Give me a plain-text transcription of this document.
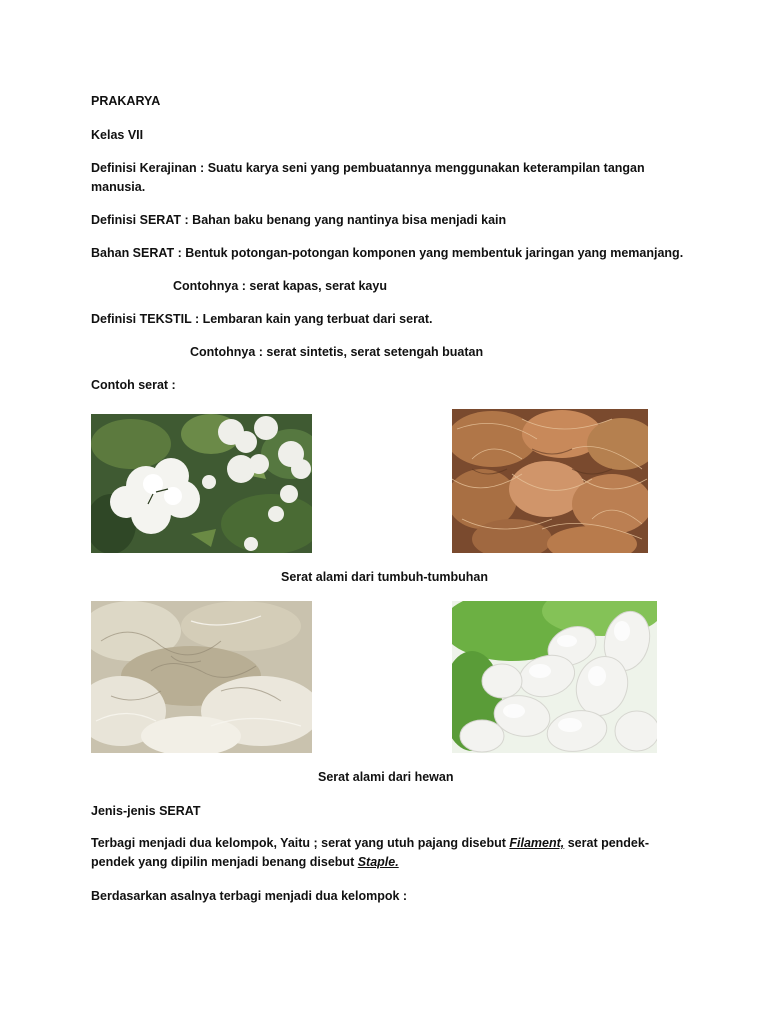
PRAKARYA
Kelas VII
Definisi Kerajinan : Suatu karya seni yang pembuatannya menggunakan keterampilan tangan manusia.
Definisi SERAT : Bahan baku benang yang nantinya bisa menjadi kain
Bahan SERAT : Bentuk potongan-potongan komponen yang membentuk jaringan yang memanjang.
Contohnya : serat kapas, serat kayu
Definisi TEKSTIL : Lembaran kain yang terbuat dari serat.
Contohnya : serat sintetis, serat setengah buatan
Contoh serat :
Serat alami dari tumbuh-tumbuhan
Serat alami dari hewan
Jenis-jenis SERAT
Terbagi menjadi dua kelompok, Yaitu ; serat yang utuh pajang disebut Filament, serat pendek-pendek yang dipilin menjadi benang disebut Staple.
Berdasarkan asalnya terbagi menjadi dua kelompok :
